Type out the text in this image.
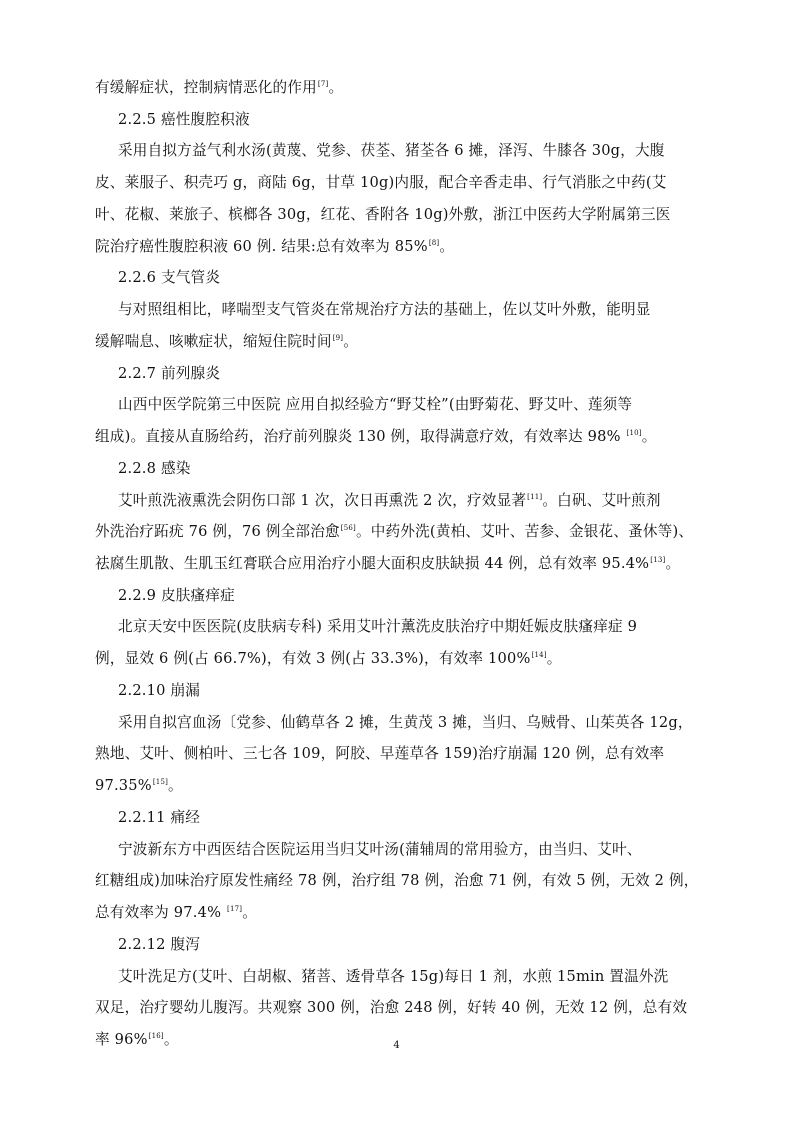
有缓解症状，控制病情恶化的作用[7]。
2.2.5 癌性腹腔积液
采用自拟方益气利水汤(黄蔑、党参、茯荃、猪荃各 6 摊，泽泻、牛膝各 30g，大腹
皮、莱服子、积壳巧 g，商陆 6g，甘草 10g)内服，配合辛香走串、行气消胀之中药(艾
叶、花椒、莱旅子、槟榔各 30g，红花、香附各 10g)外敷，浙江中医药大学附属第三医
院治疗癌性腹腔积液 60 例. 结果:总有效率为 85%[8]。
2.2.6 支气管炎
与对照组相比，哮喘型支气管炎在常规治疗方法的基础上，佐以艾叶外敷，能明显
缓解喘息、咳嗽症状，缩短住院时间[9]。
2.2.7 前列腺炎
山西中医学院第三中医院 应用自拟经验方“野艾栓”(由野菊花、野艾叶、莲须等
组成)。直接从直肠给药，治疗前列腺炎 130 例，取得满意疗效，有效率达 98% [10]。
2.2.8 感染
艾叶煎洗液熏洗会阴伤口部 1 次，次日再熏洗 2 次，疗效显著[11]。白矾、艾叶煎剂
外洗治疗跖疣 76 例，76 例全部治愈[56]。中药外洗(黄柏、艾叶、苦参、金银花、蚤休等)、
祛腐生肌散、生肌玉红膏联合应用治疗小腿大面积皮肤缺损 44 例，总有效率 95.4%[13]。
2.2.9 皮肤瘙痒症
北京天安中医医院(皮肤病专科) 采用艾叶汁薰洗皮肤治疗中期妊娠皮肤瘙痒症 9
例，显效 6 例(占 66.7%)，有效 3 例(占 33.3%)，有效率 100%[14]。
2.2.10 崩漏
采用自拟宫血汤〔党参、仙鹤草各 2 摊，生黄茂 3 摊，当归、乌贼骨、山茱英各 12g，
熟地、艾叶、侧柏叶、三七各 109，阿胶、早莲草各 159)治疗崩漏 120 例，总有效率
97.35%[15]。
2.2.11 痛经
宁波新东方中西医结合医院运用当归艾叶汤(蒲辅周的常用验方，由当归、艾叶、
红糖组成)加味治疗原发性痛经 78 例，治疗组 78 例，治愈 71 例，有效 5 例，无效 2 例，
总有效率为 97.4% [17]。
2.2.12 腹泻
艾叶洗足方(艾叶、白胡椒、猪菩、透骨草各 15g)每日 1 剂，水煎 15min 置温外洗
双足，治疗婴幼儿腹泻。共观察 300 例，治愈 248 例，好转 40 例，无效 12 例，总有效
率 96%[16]。	4
